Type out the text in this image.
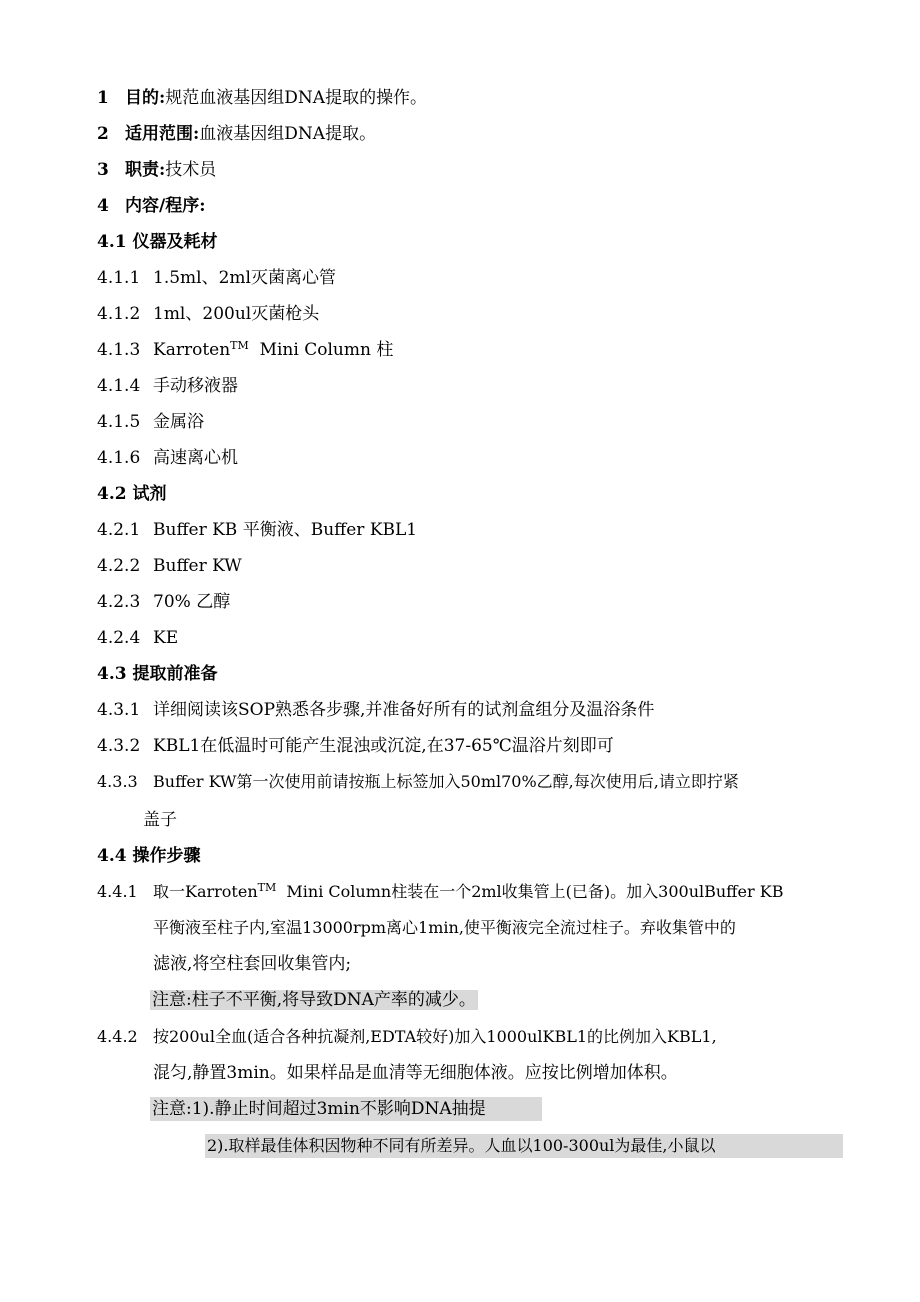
1 目的:规范血液基因组DNA提取的操作。
2 适用范围:血液基因组DNA提取。
3 职责:技术员
4 内容/程序:
4.1 仪器及耗材
4.1.1 1.5ml、2ml灭菌离心管
4.1.2 1ml、200ul灭菌枪头
4.1.3 Karroten™  Mini Column 柱
4.1.4 手动移液器
4.1.5 金属浴
4.1.6 高速离心机
4.2 试剂
4.2.1 Buffer KB 平衡液、Buffer KBL1
4.2.2 Buffer KW
4.2.3 70% 乙醇
4.2.4 KE
4.3 提取前准备
4.3.1 详细阅读该SOP熟悉各步骤,并准备好所有的试剂盒组分及温浴条件
4.3.2 KBL1在低温时可能产生混浊或沉淀,在37-65℃温浴片刻即可
4.3.3 Buffer KW第一次使用前请按瓶上标签加入50ml70%乙醇,每次使用后,请立即拧紧
盖子
4.4 操作步骤
4.4.1 取一Karroten™  Mini Column柱装在一个2ml收集管上(已备)。加入300ulBuffer KB
平衡液至柱子内,室温13000rpm离心1min,使平衡液完全流过柱子。弃收集管中的
滤液,将空柱套回收集管内;
注意:柱子不平衡,将导致DNA产率的减少。
4.4.2 按200ul全血(适合各种抗凝剂,EDTA较好)加入1000ulKBL1的比例加入KBL1,
混匀,静置3min。如果样品是血清等无细胞体液。应按比例增加体积。
注意:1).静止时间超过3min不影响DNA抽提
2).取样最佳体积因物种不同有所差异。人血以100-300ul为最佳,小鼠以
